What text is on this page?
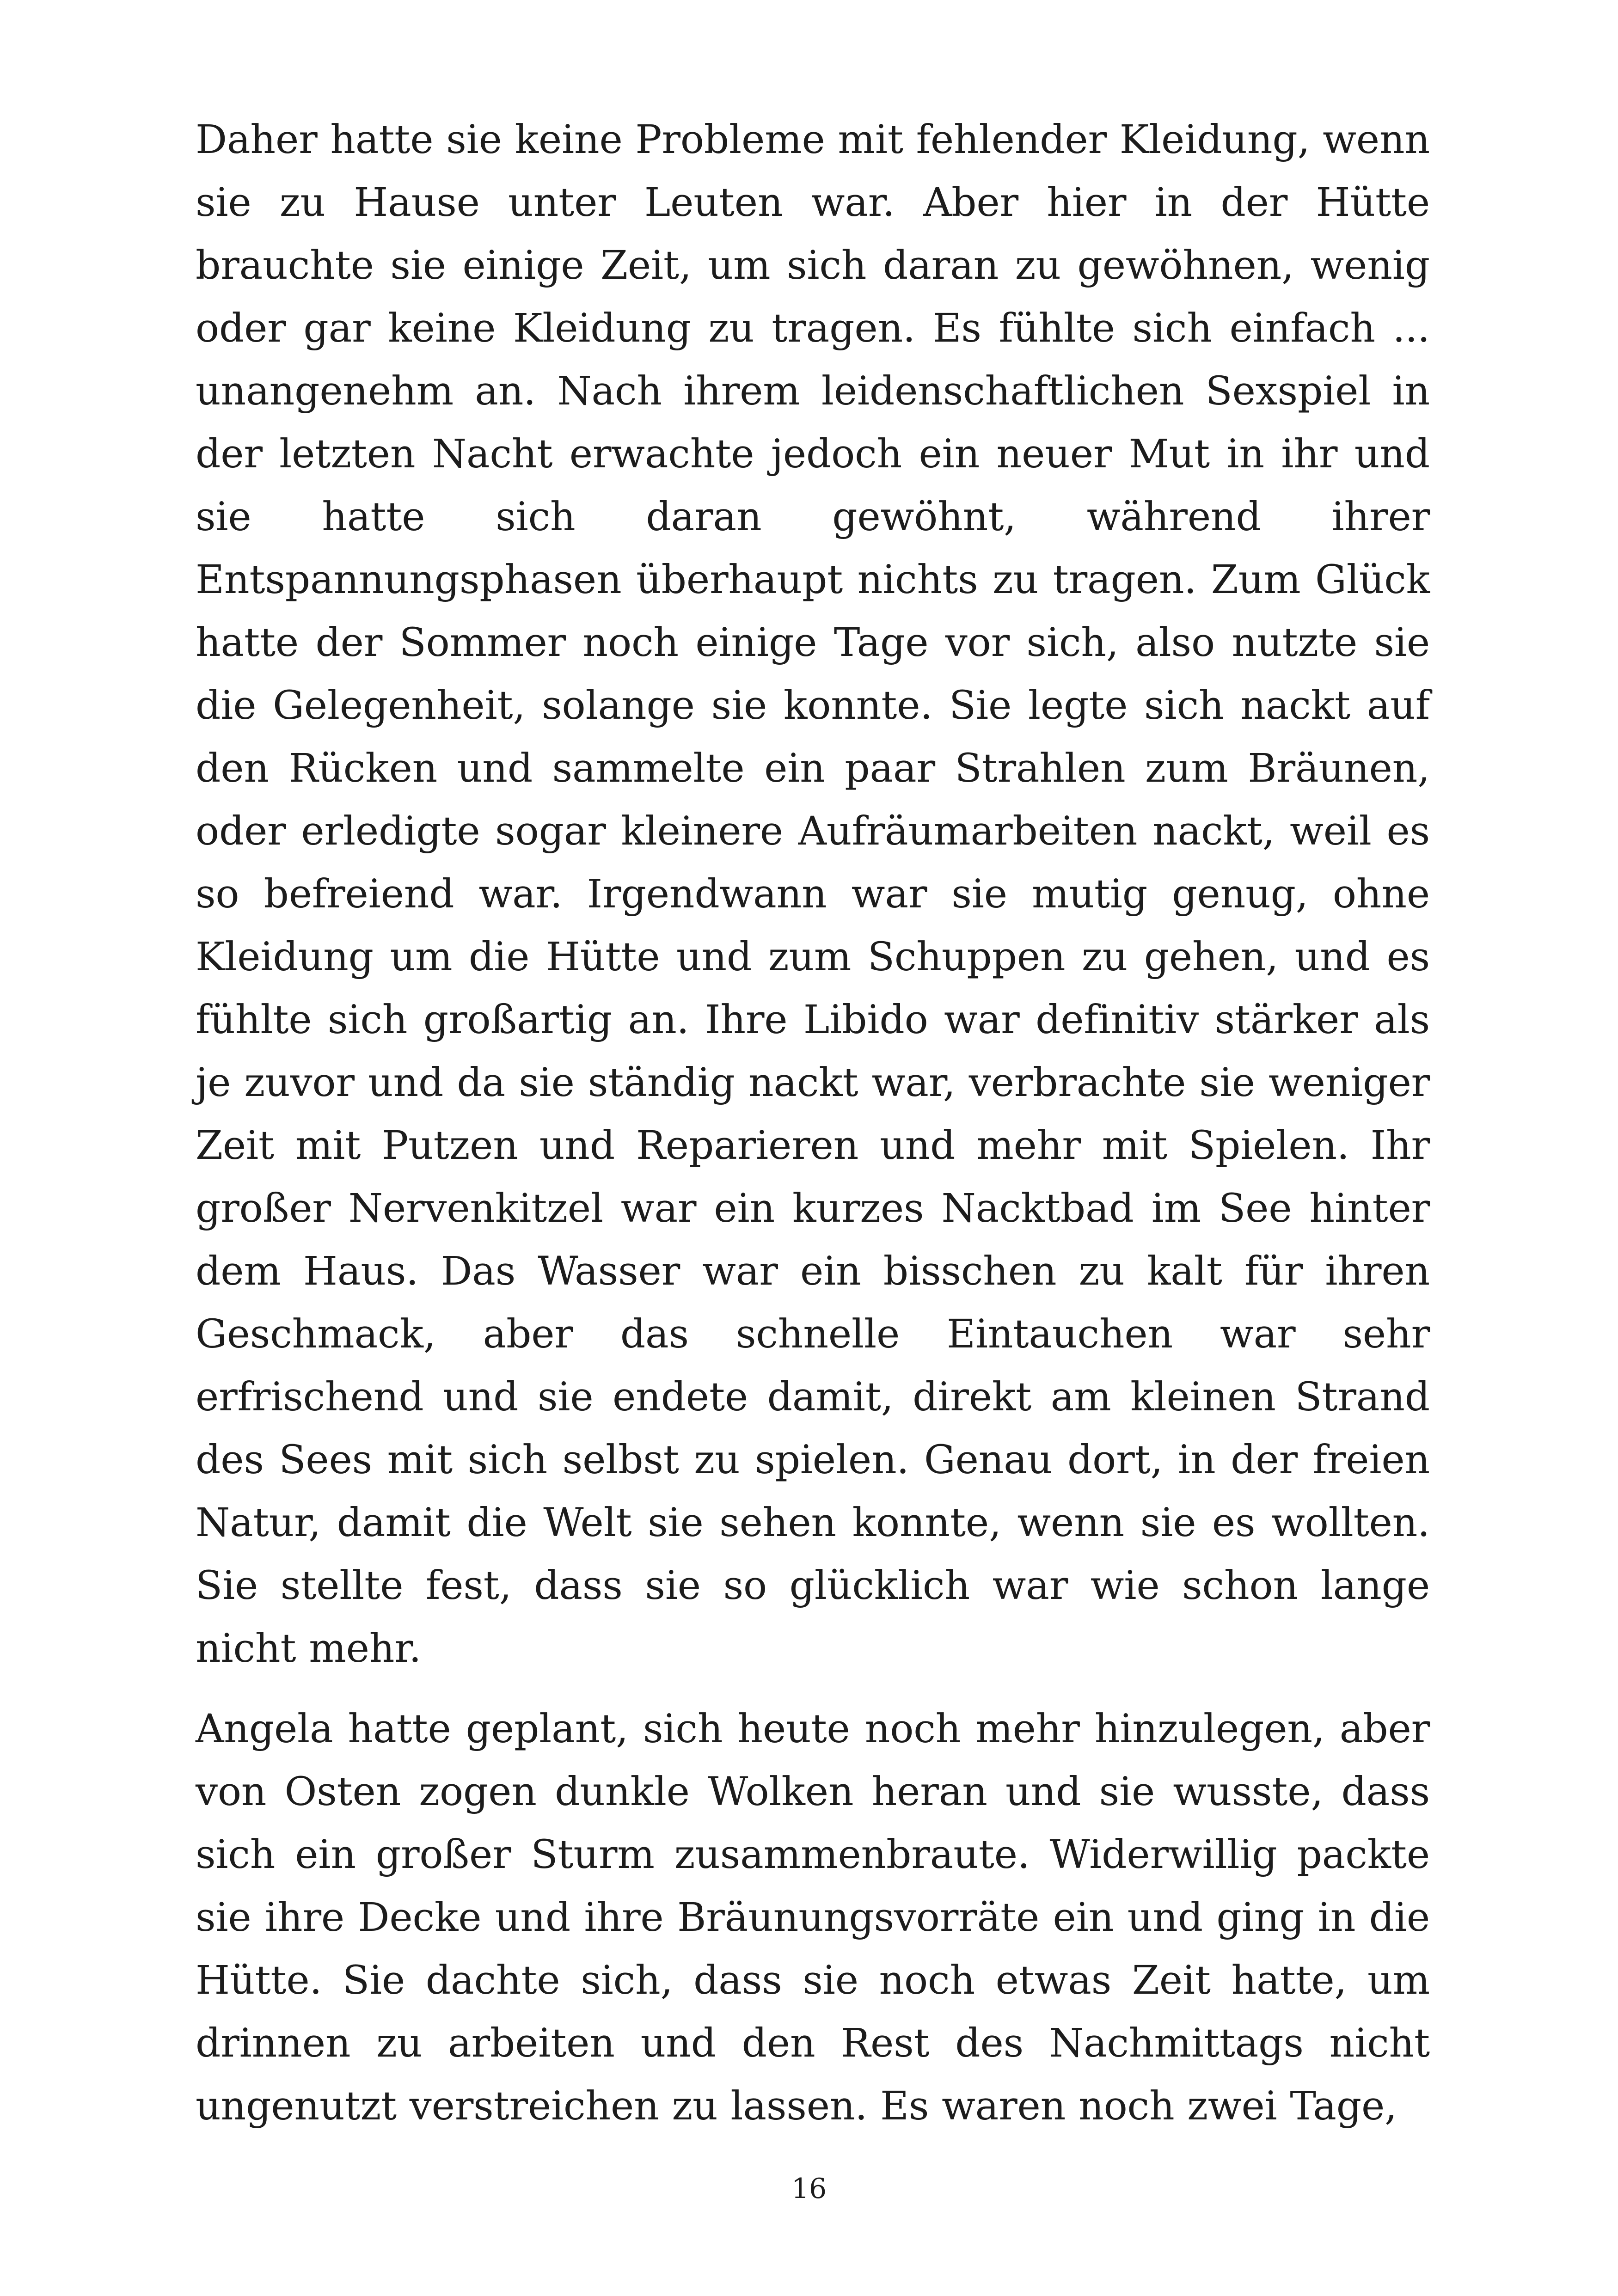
Daher hatte sie keine Probleme mit fehlender Kleidung, wenn sie zu Hause unter Leuten war. Aber hier in der Hütte brauchte sie einige Zeit, um sich daran zu gewöhnen, wenig oder gar keine Kleidung zu tragen. Es fühlte sich einfach ... unangenehm an. Nach ihrem leidenschaftlichen Sexspiel in der letzten Nacht erwachte jedoch ein neuer Mut in ihr und sie hatte sich daran gewöhnt, während ihrer Entspannungsphasen überhaupt nichts zu tragen. Zum Glück hatte der Sommer noch einige Tage vor sich, also nutzte sie die Gelegenheit, solange sie konnte. Sie legte sich nackt auf den Rücken und sammelte ein paar Strahlen zum Bräunen, oder erledigte sogar kleinere Aufräumarbeiten nackt, weil es so befreiend war. Irgendwann war sie mutig genug, ohne Kleidung um die Hütte und zum Schuppen zu gehen, und es fühlte sich großartig an. Ihre Libido war definitiv stärker als je zuvor und da sie ständig nackt war, verbrachte sie weniger Zeit mit Putzen und Reparieren und mehr mit Spielen. Ihr großer Nervenkitzel war ein kurzes Nacktbad im See hinter dem Haus. Das Wasser war ein bisschen zu kalt für ihren Geschmack, aber das schnelle Eintauchen war sehr erfrischend und sie endete damit, direkt am kleinen Strand des Sees mit sich selbst zu spielen. Genau dort, in der freien Natur, damit die Welt sie sehen konnte, wenn sie es wollten. Sie stellte fest, dass sie so glücklich war wie schon lange nicht mehr.

Angela hatte geplant, sich heute noch mehr hinzulegen, aber von Osten zogen dunkle Wolken heran und sie wusste, dass sich ein großer Sturm zusammenbraute. Widerwillig packte sie ihre Decke und ihre Bräunungsvorräte ein und ging in die Hütte. Sie dachte sich, dass sie noch etwas Zeit hatte, um drinnen zu arbeiten und den Rest des Nachmittags nicht ungenutzt verstreichen zu lassen. Es waren noch zwei Tage,

16
